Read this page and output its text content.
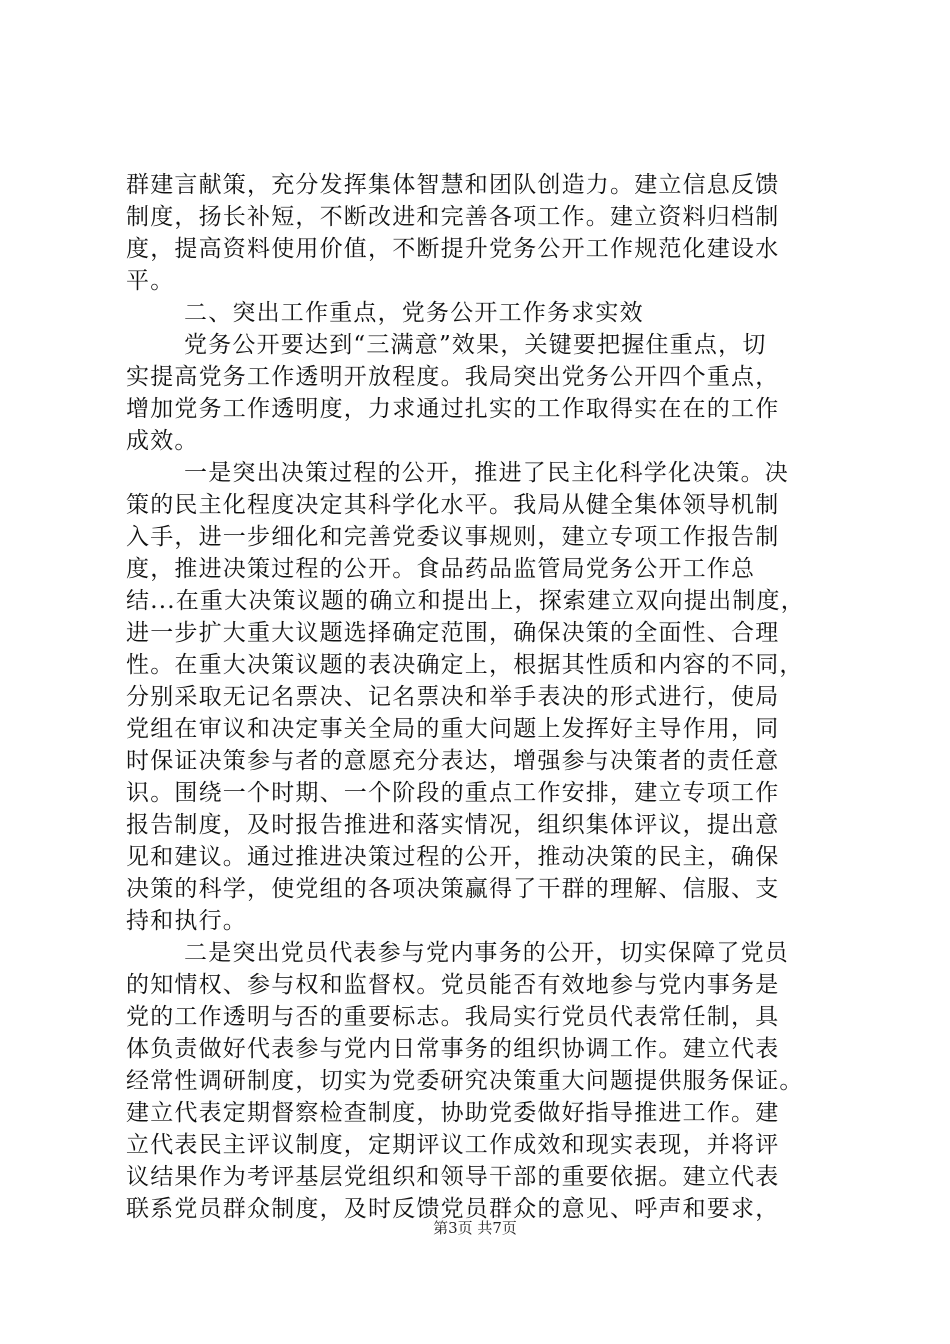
群建言献策，充分发挥集体智慧和团队创造力。建立信息反馈
制度，扬长补短，不断改进和完善各项工作。建立资料归档制
度，提高资料使用价值，不断提升党务公开工作规范化建设水
平。
二、突出工作重点，党务公开工作务求实效
党务公开要达到“三满意”效果，关键要把握住重点，切
实提高党务工作透明开放程度。我局突出党务公开四个重点，
增加党务工作透明度，力求通过扎实的工作取得实在在的工作
成效。
一是突出决策过程的公开，推进了民主化科学化决策。决
策的民主化程度决定其科学化水平。我局从健全集体领导机制
入手，进一步细化和完善党委议事规则，建立专项工作报告制
度，推进决策过程的公开。食品药品监管局党务公开工作总
结...在重大决策议题的确立和提出上，探索建立双向提出制度，
进一步扩大重大议题选择确定范围，确保决策的全面性、合理
性。在重大决策议题的表决确定上，根据其性质和内容的不同，
分别采取无记名票决、记名票决和举手表决的形式进行，使局
党组在审议和决定事关全局的重大问题上发挥好主导作用，同
时保证决策参与者的意愿充分表达，增强参与决策者的责任意
识。围绕一个时期、一个阶段的重点工作安排，建立专项工作
报告制度，及时报告推进和落实情况，组织集体评议，提出意
见和建议。通过推进决策过程的公开，推动决策的民主，确保
决策的科学，使党组的各项决策赢得了干群的理解、信服、支
持和执行。
二是突出党员代表参与党内事务的公开，切实保障了党员
的知情权、参与权和监督权。党员能否有效地参与党内事务是
党的工作透明与否的重要标志。我局实行党员代表常任制，具
体负责做好代表参与党内日常事务的组织协调工作。建立代表
经常性调研制度，切实为党委研究决策重大问题提供服务保证。
建立代表定期督察检查制度，协助党委做好指导推进工作。建
立代表民主评议制度，定期评议工作成效和现实表现，并将评
议结果作为考评基层党组织和领导干部的重要依据。建立代表
联系党员群众制度，及时反馈党员群众的意见、呼声和要求，
第3页 共7页
